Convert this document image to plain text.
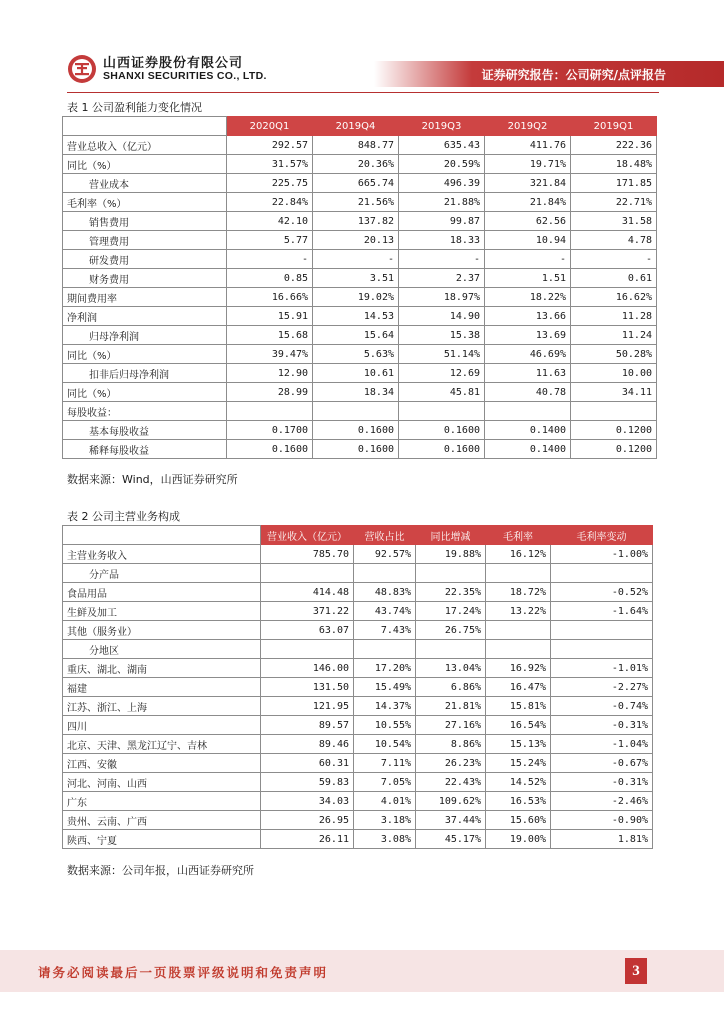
山西证券股份有限公司
SHANXI SECURITIES CO., LTD.	证券研究报告：公司研究/点评报告
表 1 公司盈利能力变化情况
	2020Q1	2019Q4	2019Q3	2019Q2	2019Q1
营业总收入（亿元）	292.57	848.77	635.43	411.76	222.36
同比（%）	31.57%	20.36%	20.59%	19.71%	18.48%
营业成本	225.75	665.74	496.39	321.84	171.85
毛利率（%）	22.84%	21.56%	21.88%	21.84%	22.71%
销售费用	42.10	137.82	99.87	62.56	31.58
管理费用	5.77	20.13	18.33	10.94	4.78
研发费用	-	-	-	-	-
财务费用	0.85	3.51	2.37	1.51	0.61
期间费用率	16.66%	19.02%	18.97%	18.22%	16.62%
净利润	15.91	14.53	14.90	13.66	11.28
归母净利润	15.68	15.64	15.38	13.69	11.24
同比（%）	39.47%	5.63%	51.14%	46.69%	50.28%
扣非后归母净利润	12.90	10.61	12.69	11.63	10.00
同比（%）	28.99	18.34	45.81	40.78	34.11
每股收益：					
基本每股收益	0.1700	0.1600	0.1600	0.1400	0.1200
稀释每股收益	0.1600	0.1600	0.1600	0.1400	0.1200
数据来源：Wind，山西证券研究所
表 2 公司主营业务构成
	营业收入（亿元）	营收占比	同比增减	毛利率	毛利率变动
主营业务收入	785.70	92.57%	19.88%	16.12%	-1.00%
分产品					
食品用品	414.48	48.83%	22.35%	18.72%	-0.52%
生鲜及加工	371.22	43.74%	17.24%	13.22%	-1.64%
其他（服务业）	63.07	7.43%	26.75%		
分地区					
重庆、湖北、湖南	146.00	17.20%	13.04%	16.92%	-1.01%
福建	131.50	15.49%	6.86%	16.47%	-2.27%
江苏、浙江、上海	121.95	14.37%	21.81%	15.81%	-0.74%
四川	89.57	10.55%	27.16%	16.54%	-0.31%
北京、天津、黑龙江辽宁、吉林	89.46	10.54%	8.86%	15.13%	-1.04%
江西、安徽	60.31	7.11%	26.23%	15.24%	-0.67%
河北、河南、山西	59.83	7.05%	22.43%	14.52%	-0.31%
广东	34.03	4.01%	109.62%	16.53%	-2.46%
贵州、云南、广西	26.95	3.18%	37.44%	15.60%	-0.90%
陕西、宁夏	26.11	3.08%	45.17%	19.00%	1.81%
数据来源：公司年报，山西证券研究所
请务必阅读最后一页股票评级说明和免责声明	3
